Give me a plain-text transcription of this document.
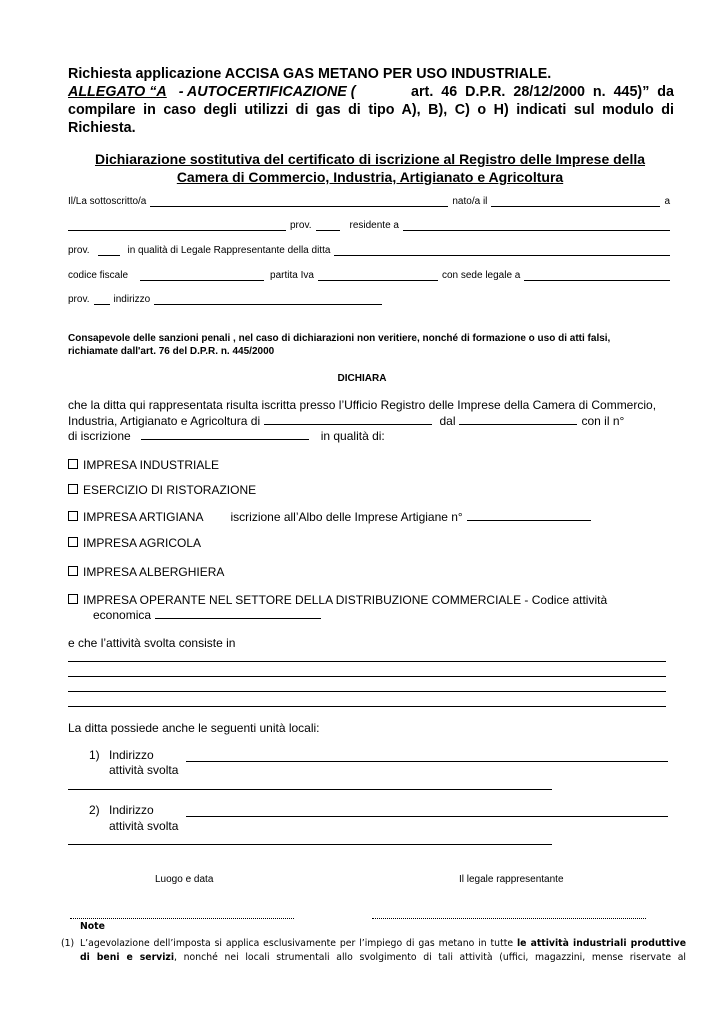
Richiesta applicazione ACCISA GAS METANO PER USO INDUSTRIALE.
ALLEGATO “A - AUTOCERTIFICAZIONE (	art. 46 D.P.R. 28/12/2000 n. 445)” da
compilare in caso degli utilizzi di gas di tipo A), B), C) o H) indicati sul modulo di
Richiesta.
Dichiarazione sostitutiva del certificato di iscrizione al Registro delle Imprese della
Camera di Commercio, Industria, Artigianato e Agricoltura
Il/La sottoscritto/a	nato/a il	a
prov.	residente a
prov.	in qualità di Legale Rappresentante della ditta
codice fiscale	partita Iva	con sede legale a
prov. indirizzo
Consapevole delle sanzioni penali , nel caso di dichiarazioni non veritiere, nonché di formazione o uso di atti falsi,
richiamate dall'art. 76 del D.P.R. n. 445/2000
DICHIARA
che la ditta qui rappresentata risulta iscritta presso l’Ufficio Registro delle Imprese della Camera di Commercio,
Industria, Artigianato e Agricoltura di	dal	con il n°
di iscrizione	in qualità di:
IMPRESA INDUSTRIALE
ESERCIZIO DI RISTORAZIONE
IMPRESA ARTIGIANA iscrizione all’Albo delle Imprese Artigiane n°
IMPRESA AGRICOLA
IMPRESA ALBERGHIERA
IMPRESA OPERANTE NEL SETTORE DELLA DISTRIBUZIONE COMMERCIALE - Codice attività
economica
e che l’attività svolta consiste in
La ditta possiede anche le seguenti unità locali:
1) Indirizzo
attività svolta
2) Indirizzo
attività svolta
Luogo e data	Il legale rappresentante
Note
(1) L’agevolazione dell’imposta si applica esclusivamente per l’impiego di gas metano in tutte le attività industriali produttive
di beni e servizi, nonché nei locali strumentali allo svolgimento di tali attività (uffici, magazzini, mense riservate al
